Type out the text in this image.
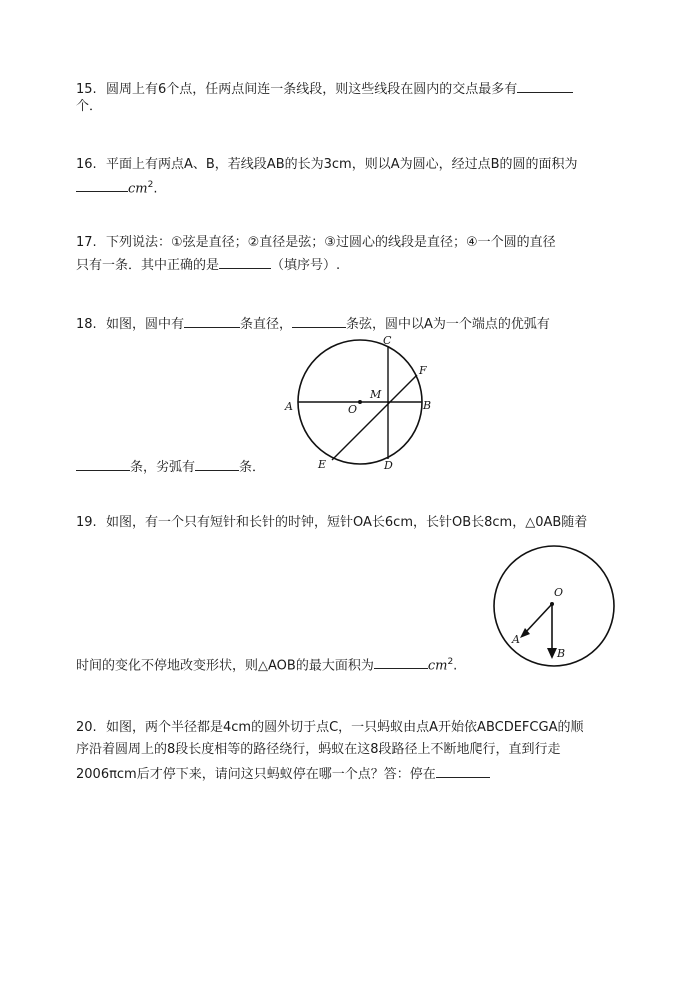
15. 圆周上有6个点，任两点间连一条线段，则这些线段在圆内的交点最多有
个．
16. 平面上有两点A、B，若线段AB的长为3cm，则以A为圆心，经过点B的圆的面积为
$cm^2$.
17. 下列说法：①弦是直径；②直径是弦；③过圆心的线段是直径；④一个圆的直径
只有一条．其中正确的是	（填序号）.
18. 如图，圆中有	条直径，	条弦，圆中以A为一个端点的优弧有
A	B
C
D
E
F
M
O
条，劣弧有	条．
19. 如图，有一个只有短针和长针的时钟，短针OA长6cm，长针OB长8cm，△0AB随着
O
A
B
时间的变化不停地改变形状，则△AOB的最大面积为	$cm^2$.
20. 如图，两个半径都是4cm的圆外切于点C，一只蚂蚁由点A开始依ABCDEFCGA的顺
序沿着圆周上的8段长度相等的路径绕行，蚂蚁在这8段路径上不断地爬行，直到行走
2006πcm后才停下来，请问这只蚂蚁停在哪一个点？答：停在
